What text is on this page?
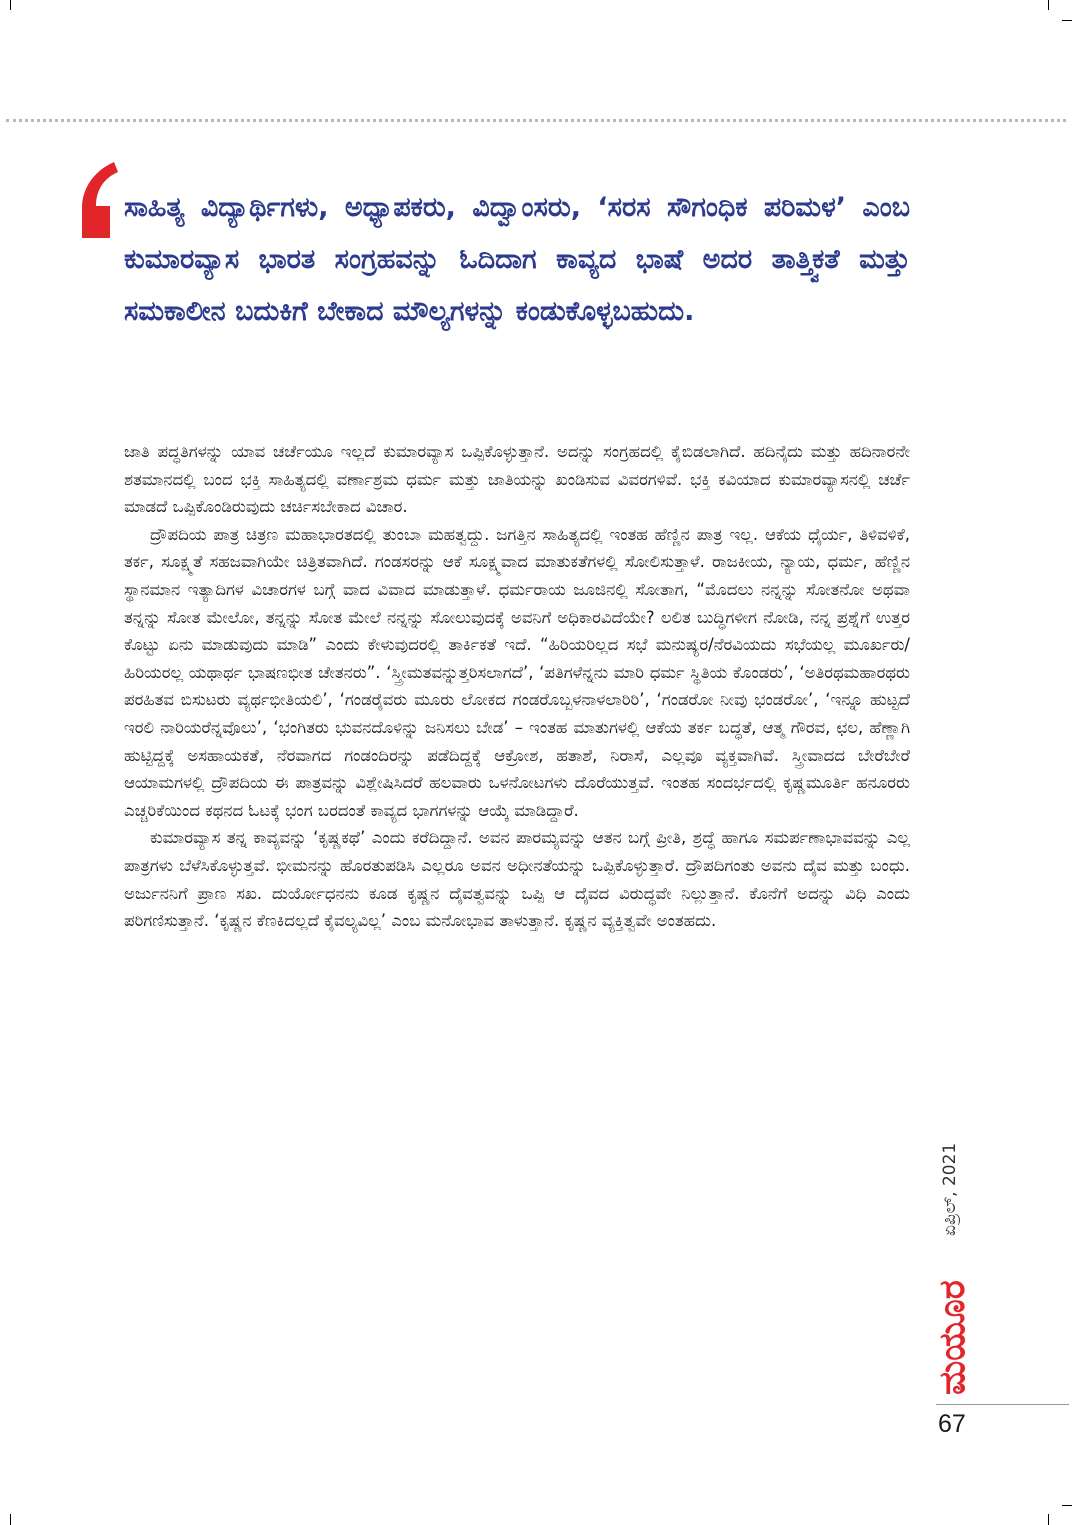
ಸಾಹಿತ್ಯ ವಿದ್ಯಾರ್ಥಿಗಳು, ಅಧ್ಯಾಪಕರು, ವಿದ್ವಾಂಸರು, ‘ಸರಸ ಸೌಗಂಧಿಕ ಪರಿಮಳ’ ಎಂಬ ಕುಮಾರವ್ಯಾಸ ಭಾರತ ಸಂಗ್ರಹವನ್ನು ಓದಿದಾಗ ಕಾವ್ಯದ ಭಾಷೆ ಅದರ ತಾತ್ತ್ವಿಕತೆ ಮತ್ತು ಸಮಕಾಲೀನ ಬದುಕಿಗೆ ಬೇಕಾದ ಮೌಲ್ಯಗಳನ್ನು ಕಂಡುಕೊಳ್ಳಬಹುದು.

ಜಾತಿ ಪದ್ಧತಿಗಳನ್ನು ಯಾವ ಚರ್ಚೆಯೂ ಇಲ್ಲದೆ ಕುಮಾರವ್ಯಾಸ ಒಪ್ಪಿಕೊಳ್ಳುತ್ತಾನೆ. ಅದನ್ನು ಸಂಗ್ರಹದಲ್ಲಿ ಕೈಬಿಡಲಾಗಿದೆ. ಹದಿನೈದು ಮತ್ತು ಹದಿನಾರನೇ ಶತಮಾನದಲ್ಲಿ ಬಂದ ಭಕ್ತಿ ಸಾಹಿತ್ಯದಲ್ಲಿ ವರ್ಣಾಶ್ರಮ ಧರ್ಮ ಮತ್ತು ಜಾತಿಯನ್ನು ಖಂಡಿಸುವ ವಿವರಗಳಿವೆ. ಭಕ್ತಿ ಕವಿಯಾದ ಕುಮಾರವ್ಯಾಸನಲ್ಲಿ ಚರ್ಚೆ ಮಾಡದೆ ಒಪ್ಪಿಕೊಂಡಿರುವುದು ಚರ್ಚಿಸಬೇಕಾದ ವಿಚಾರ.

ದ್ರೌಪದಿಯ ಪಾತ್ರ ಚಿತ್ರಣ ಮಹಾಭಾರತದಲ್ಲಿ ತುಂಬಾ ಮಹತ್ವದ್ದು. ಜಗತ್ತಿನ ಸಾಹಿತ್ಯದಲ್ಲಿ ಇಂತಹ ಹೆಣ್ಣಿನ ಪಾತ್ರ ಇಲ್ಲ. ಆಕೆಯ ಧೈರ್ಯ, ತಿಳಿವಳಿಕೆ, ತರ್ಕ, ಸೂಕ್ಷ್ಮತೆ ಸಹಜವಾಗಿಯೇ ಚಿತ್ರಿತವಾಗಿದೆ. ಗಂಡಸರನ್ನು ಆಕೆ ಸೂಕ್ಷ್ಮವಾದ ಮಾತುಕತೆಗಳಲ್ಲಿ ಸೋಲಿಸುತ್ತಾಳೆ. ರಾಜಕೀಯ, ನ್ಯಾಯ, ಧರ್ಮ, ಹೆಣ್ಣಿನ ಸ್ಥಾನಮಾನ ಇತ್ಯಾದಿಗಳ ವಿಚಾರಗಳ ಬಗ್ಗೆ ವಾದ ವಿವಾದ ಮಾಡುತ್ತಾಳೆ. ಧರ್ಮರಾಯ ಜೂಜಿನಲ್ಲಿ ಸೋತಾಗ, “ಮೊದಲು ನನ್ನನ್ನು ಸೋತನೋ ಅಥವಾ ತನ್ನನ್ನು ಸೋತ ಮೇಲೋ, ತನ್ನನ್ನು ಸೋತ ಮೇಲೆ ನನ್ನನ್ನು ಸೋಲುವುದಕ್ಕೆ ಅವನಿಗೆ ಅಧಿಕಾರವಿದೆಯೇ? ಲಲಿತ ಬುದ್ಧಿಗಳೀಗ ನೋಡಿ, ನನ್ನ ಪ್ರಶ್ನೆಗೆ ಉತ್ತರ ಕೊಟ್ಟು ಏನು ಮಾಡುವುದು ಮಾಡಿ” ಎಂದು ಕೇಳುವುದರಲ್ಲಿ ತಾರ್ಕಿಕತೆ ಇದೆ. “ಹಿರಿಯರಿಲ್ಲದ ಸಭೆ ಮನುಷ್ಯರ/ನೆರವಿಯದು ಸಭೆಯಲ್ಲ ಮೂರ್ಖರು/ಹಿರಿಯರಲ್ಲ ಯಥಾರ್ಥ ಭಾಷಣಭೀತ ಚೇತನರು”. ‘ಸ್ತ್ರೀಮತವನ್ನುತ್ತರಿಸಲಾಗದೆ’, ‘ಪತಿಗಳೆನ್ನನು ಮಾರಿ ಧರ್ಮ ಸ್ಥಿತಿಯ ಕೊಂಡರು’, ‘ಅತಿರಥಮಹಾರಥರು ಪರಹಿತವ ಬಿಸುಟರು ವ್ಯರ್ಥಭೀತಿಯಲಿ’, ‘ಗಂಡರೈವರು ಮೂರು ಲೋಕದ ಗಂಡರೊಬ್ಬಳನಾಳಲಾರಿರಿ’, ‘ಗಂಡರೋ ನೀವು ಭಂಡರೋ’, ‘ಇನ್ನೂ ಹುಟ್ಟದೆ ಇರಲಿ ನಾರಿಯರೆನ್ನವೊಲು’, ‘ಭಂಗಿತರು ಭುವನದೊಳಿನ್ನು ಜನಿಸಲು ಬೇಡ’ – ಇಂತಹ ಮಾತುಗಳಲ್ಲಿ ಆಕೆಯ ತರ್ಕ ಬದ್ಧತೆ, ಆತ್ಮ ಗೌರವ, ಛಲ, ಹೆಣ್ಣಾಗಿ ಹುಟ್ಟಿದ್ದಕ್ಕೆ ಅಸಹಾಯಕತೆ, ನೆರವಾಗದ ಗಂಡಂದಿರನ್ನು ಪಡೆದಿದ್ದಕ್ಕೆ ಆಕ್ರೋಶ, ಹತಾಶೆ, ನಿರಾಸೆ, ಎಲ್ಲವೂ ವ್ಯಕ್ತವಾಗಿವೆ. ಸ್ತ್ರೀವಾದದ ಬೇರೆಬೇರೆ ಆಯಾಮಗಳಲ್ಲಿ ದ್ರೌಪದಿಯ ಈ ಪಾತ್ರವನ್ನು ವಿಶ್ಲೇಷಿಸಿದರೆ ಹಲವಾರು ಒಳನೋಟಗಳು ದೊರೆಯುತ್ತವೆ. ಇಂತಹ ಸಂದರ್ಭದಲ್ಲಿ ಕೃಷ್ಣಮೂರ್ತಿ ಹನೂರರು ಎಚ್ಚರಿಕೆಯಿಂದ ಕಥನದ ಓಟಕ್ಕೆ ಭಂಗ ಬರದಂತೆ ಕಾವ್ಯದ ಭಾಗಗಳನ್ನು ಆಯ್ಕೆ ಮಾಡಿದ್ದಾರೆ.

ಕುಮಾರವ್ಯಾಸ ತನ್ನ ಕಾವ್ಯವನ್ನು ‘ಕೃಷ್ಣಕಥೆ’ ಎಂದು ಕರೆದಿದ್ದಾನೆ. ಅವನ ಪಾರಮ್ಯವನ್ನು ಆತನ ಬಗ್ಗೆ ಪ್ರೀತಿ, ಶ್ರದ್ಧೆ ಹಾಗೂ ಸಮರ್ಪಣಾಭಾವವನ್ನು ಎಲ್ಲ ಪಾತ್ರಗಳು ಬೆಳೆಸಿಕೊಳ್ಳುತ್ತವೆ. ಭೀಮನನ್ನು ಹೊರತುಪಡಿಸಿ ಎಲ್ಲರೂ ಅವನ ಅಧೀನತೆಯನ್ನು ಒಪ್ಪಿಕೊಳ್ಳುತ್ತಾರೆ. ದ್ರೌಪದಿಗಂತು ಅವನು ದೈವ ಮತ್ತು ಬಂಧು. ಅರ್ಜುನನಿಗೆ ಪ್ರಾಣ ಸಖ. ದುರ್ಯೋಧನನು ಕೂಡ ಕೃಷ್ಣನ ದೈವತ್ವವನ್ನು ಒಪ್ಪಿ ಆ ದೈವದ ವಿರುದ್ಧವೇ ನಿಲ್ಲುತ್ತಾನೆ. ಕೊನೆಗೆ ಅದನ್ನು ವಿಧಿ ಎಂದು ಪರಿಗಣಿಸುತ್ತಾನೆ. ‘ಕೃಷ್ಣನ ಕೆಣಕಿದಲ್ಲದೆ ಕೈವಲ್ಯವಿಲ್ಲ’ ಎಂಬ ಮನೋಭಾವ ತಾಳುತ್ತಾನೆ. ಕೃಷ್ಣನ ವ್ಯಕ್ತಿತ್ವವೇ ಅಂತಹದು.

ಏಪ್ರಿಲ್, 2021
ಮಯೂರ
67
